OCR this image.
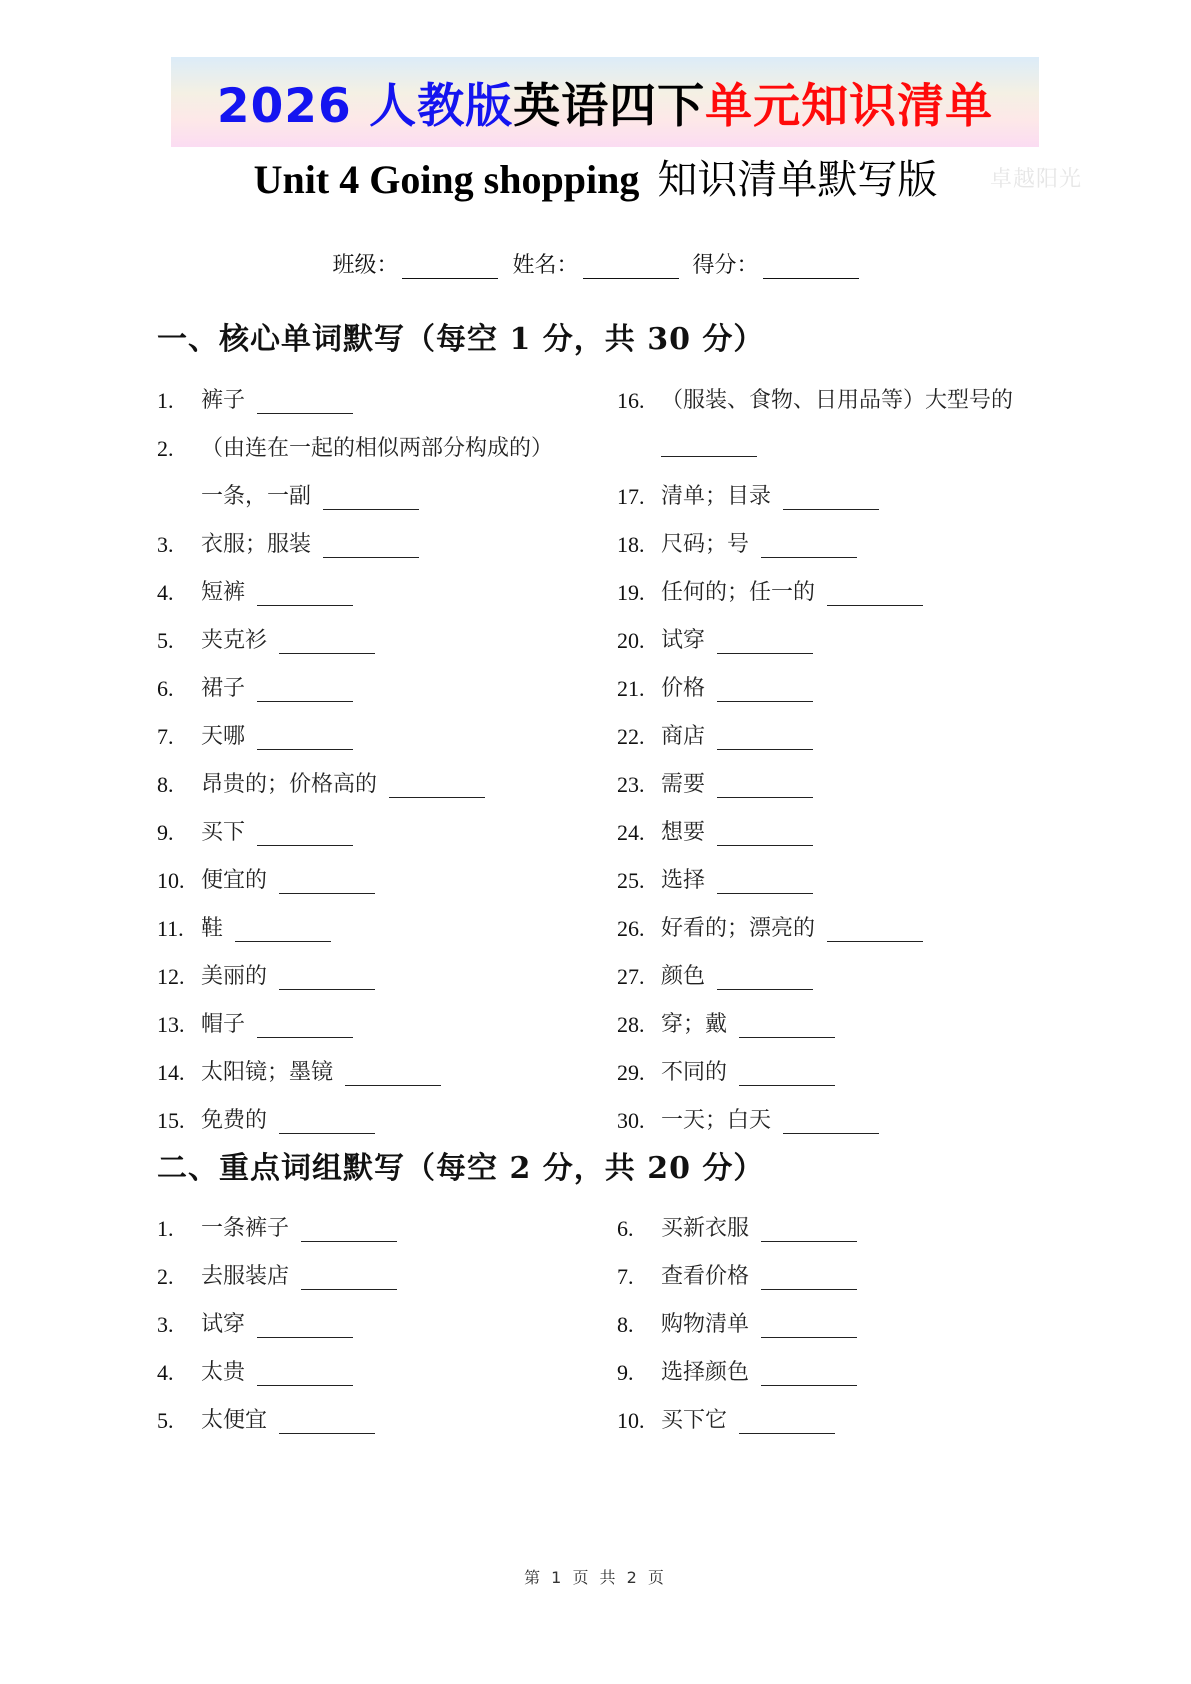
2026 人教版 英语四下 单元知识清单
Unit 4 Going shopping 知识清单默写版	卓越阳光
班级：	姓名：	得分：
一、核心单词默写（每空 1 分，共 30 分）
1.	裤子
2.	（由连在一起的相似两部分构成的）
一条，一副
3.	衣服；服装
4.	短裤
5.	夹克衫
6.	裙子
7.	天哪
8.	昂贵的；价格高的
9.	买下
10. 便宜的
11. 鞋
12. 美丽的
13. 帽子
14. 太阳镜；墨镜
15. 免费的
16. （服装、食物、日用品等）大型号的
17. 清单；目录
18. 尺码；号
19. 任何的；任一的
20. 试穿
21. 价格
22. 商店
23. 需要
24. 想要
25. 选择
26. 好看的；漂亮的
27. 颜色
28. 穿；戴
29. 不同的
30. 一天；白天
二、重点词组默写（每空 2 分，共 20 分）
1.	一条裤子
2.	去服装店
3.	试穿
4.	太贵
5.	太便宜
6.	买新衣服
7.	查看价格
8.	购物清单
9.	选择颜色
10. 买下它
第 1 页 共 2 页
